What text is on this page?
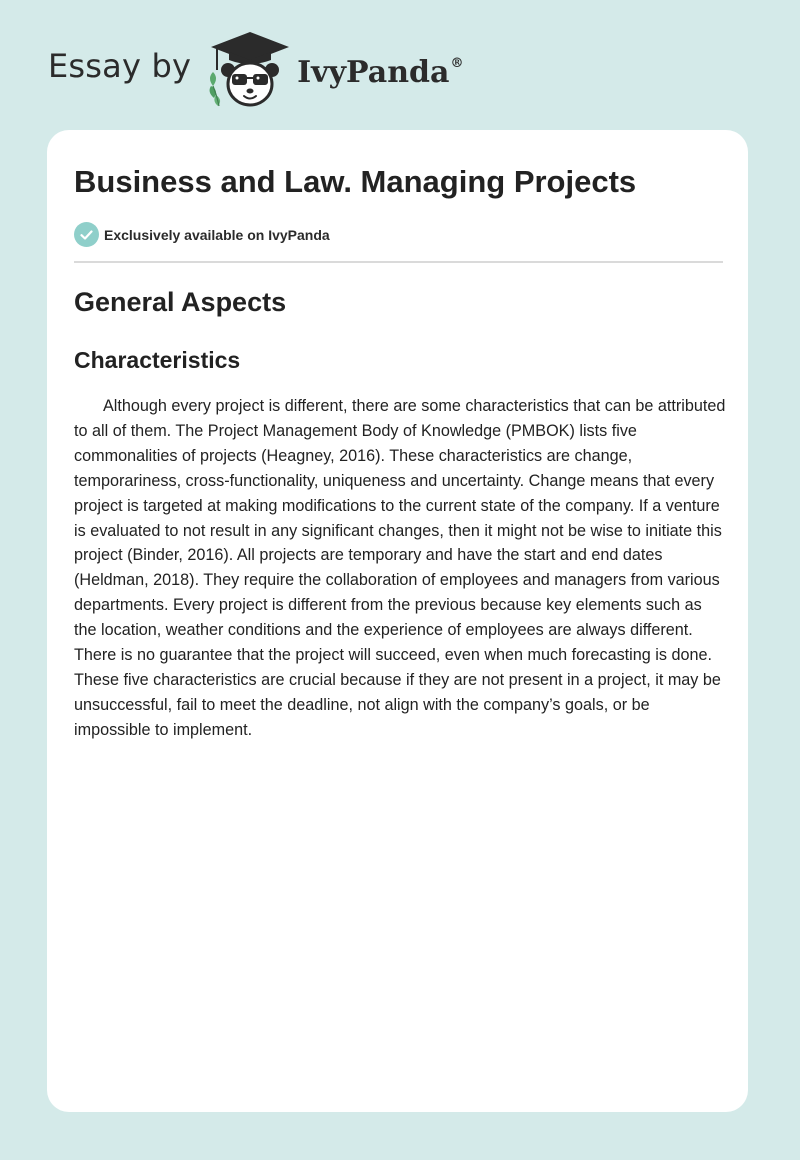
Essay by	IvyPanda®
Business and Law. Managing Projects
Exclusively available on IvyPanda
General Aspects
Characteristics

Although every project is different, there are some characteristics that can be attributed to all of them. The Project Management Body of Knowledge (PMBOK) lists five commonalities of projects (Heagney, 2016). These characteristics are change, temporariness, cross-functionality, uniqueness and uncertainty. Change means that every project is targeted at making modifications to the current state of the company. If a venture is evaluated to not result in any significant changes, then it might not be wise to initiate this project (Binder, 2016). All projects are temporary and have the start and end dates (Heldman, 2018). They require the collaboration of employees and managers from various departments. Every project is different from the previous because key elements such as the location, weather conditions and the experience of employees are always different. There is no guarantee that the project will succeed, even when much forecasting is done. These five characteristics are crucial because if they are not present in a project, it may be unsuccessful, fail to meet the deadline, not align with the company’s goals, or be impossible to implement.
